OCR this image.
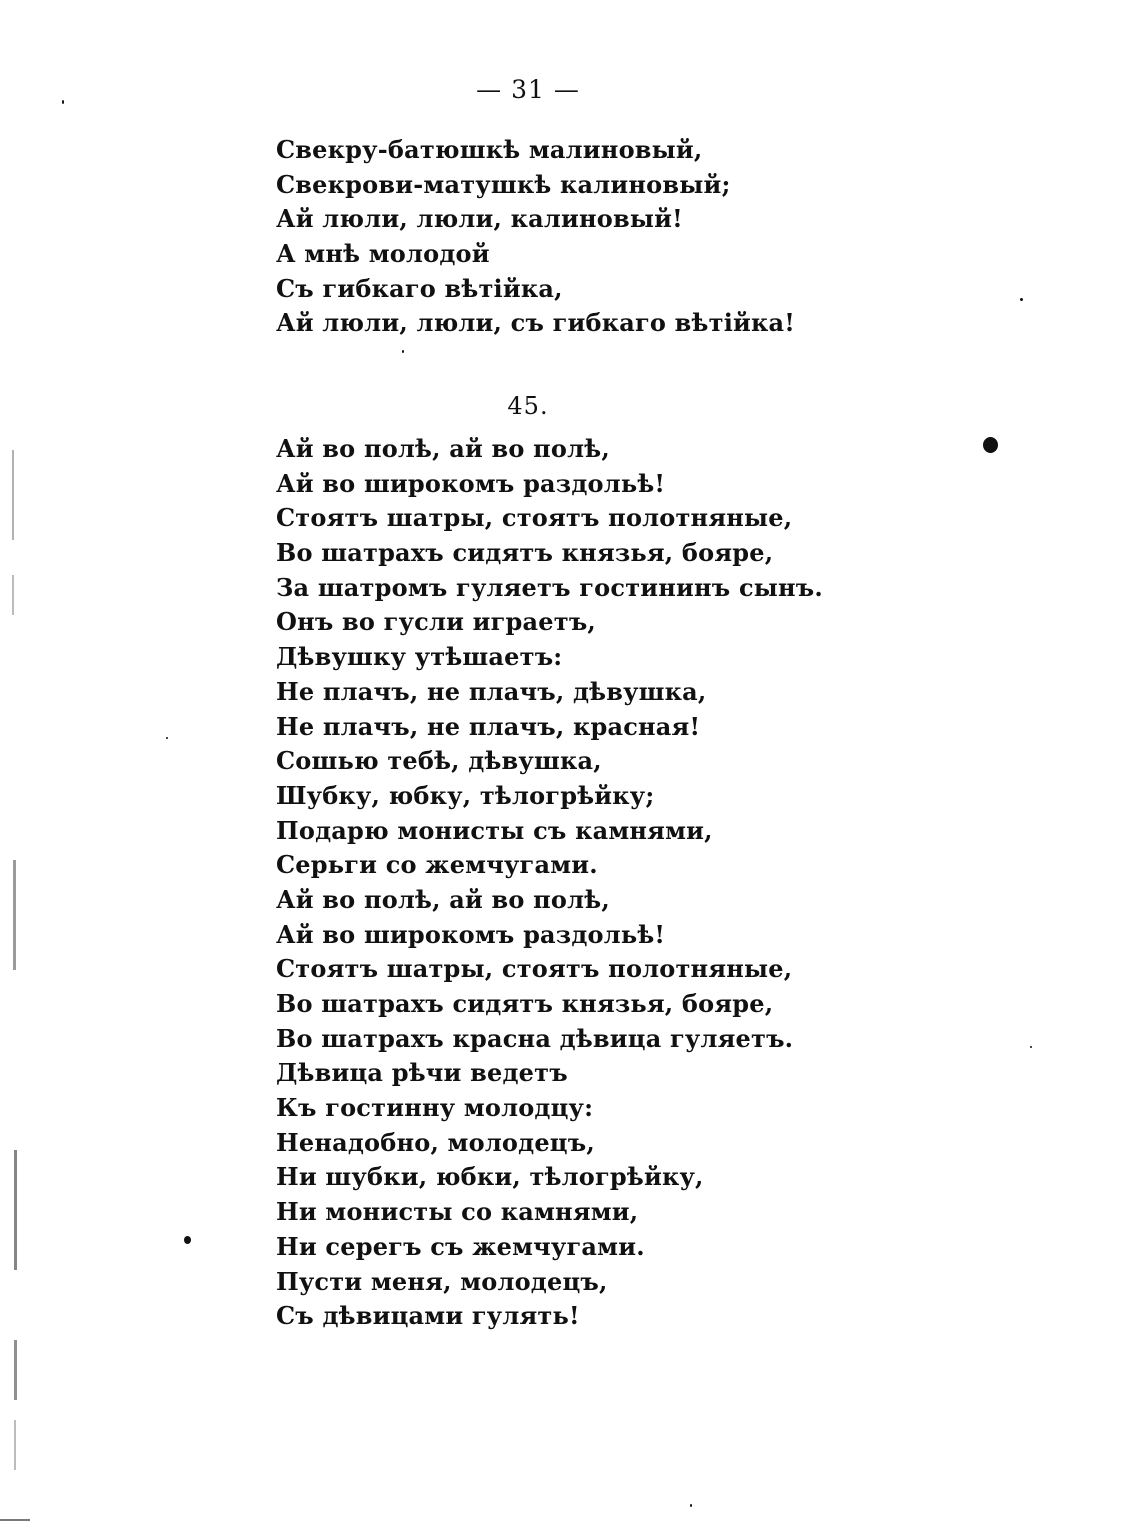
— 31 —
Свекру-батюшкѣ малиновый,
Свекрови-матушкѣ калиновый;
Ай люли, люли, калиновый!
А мнѣ молодой
Съ гибкаго вѣтійка,
Ай люли, люли, съ гибкаго вѣтійка!
45.
Ай во полѣ, ай во полѣ,
Ай во широкомъ раздольѣ!
Стоятъ шатры, стоятъ полотняные,
Во шатрахъ сидятъ князья, бояре,
За шатромъ гуляетъ гостининъ сынъ.
Онъ во гусли играетъ,
Дѣвушку утѣшаетъ:
Не плачъ, не плачъ, дѣвушка,
Не плачъ, не плачъ, красная!
Сошью тебѣ, дѣвушка,
Шубку, юбку, тѣлогрѣйку;
Подарю монисты съ камнями,
Серьги со жемчугами.
Ай во полѣ, ай во полѣ,
Ай во широкомъ раздольѣ!
Стоятъ шатры, стоятъ полотняные,
Во шатрахъ сидятъ князья, бояре,
Во шатрахъ красна дѣвица гуляетъ.
Дѣвица рѣчи ведетъ
Къ гостинну молодцу:
Ненадобно, молодецъ,
Ни шубки, юбки, тѣлогрѣйку,
Ни монисты со камнями,
Ни серегъ съ жемчугами.
Пусти меня, молодецъ,
Съ дѣвицами гулять!
